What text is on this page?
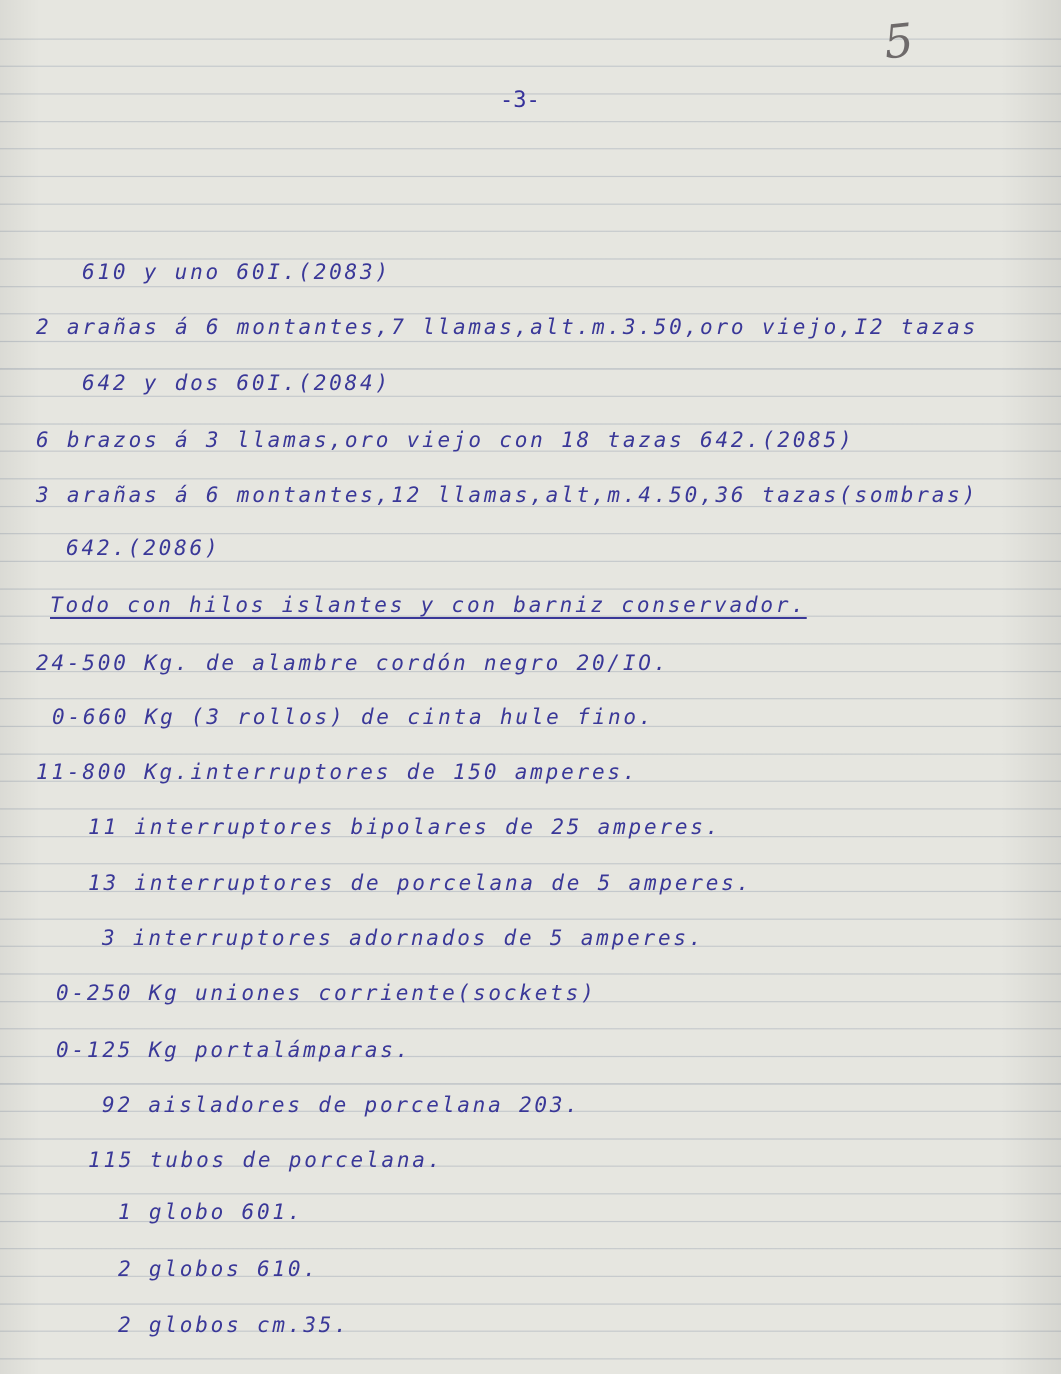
5
-3-
610 y uno 60I.(2083)
2 arañas á 6 montantes,7 llamas,alt.m.3.50,oro viejo,I2 tazas
642 y dos 60I.(2084)
6 brazos á 3 llamas,oro viejo con 18 tazas 642.(2085)
3 arañas á 6 montantes,12 llamas,alt,m.4.50,36 tazas(sombras)
642.(2086)
Todo con hilos islantes y con barniz conservador.
24-500 Kg. de alambre cordón negro 20/IO.
0-660 Kg (3 rollos) de cinta hule fino.
11-800 Kg.interruptores de 150 amperes.
11 interruptores bipolares de 25 amperes.
13 interruptores de porcelana de 5 amperes.
3 interruptores adornados de 5 amperes.
0-250 Kg uniones corriente(sockets)
0-125 Kg portalámparas.
92 aisladores de porcelana 203.
115 tubos de porcelana.
1 globo 601.
2 globos 610.
2 globos cm.35.
